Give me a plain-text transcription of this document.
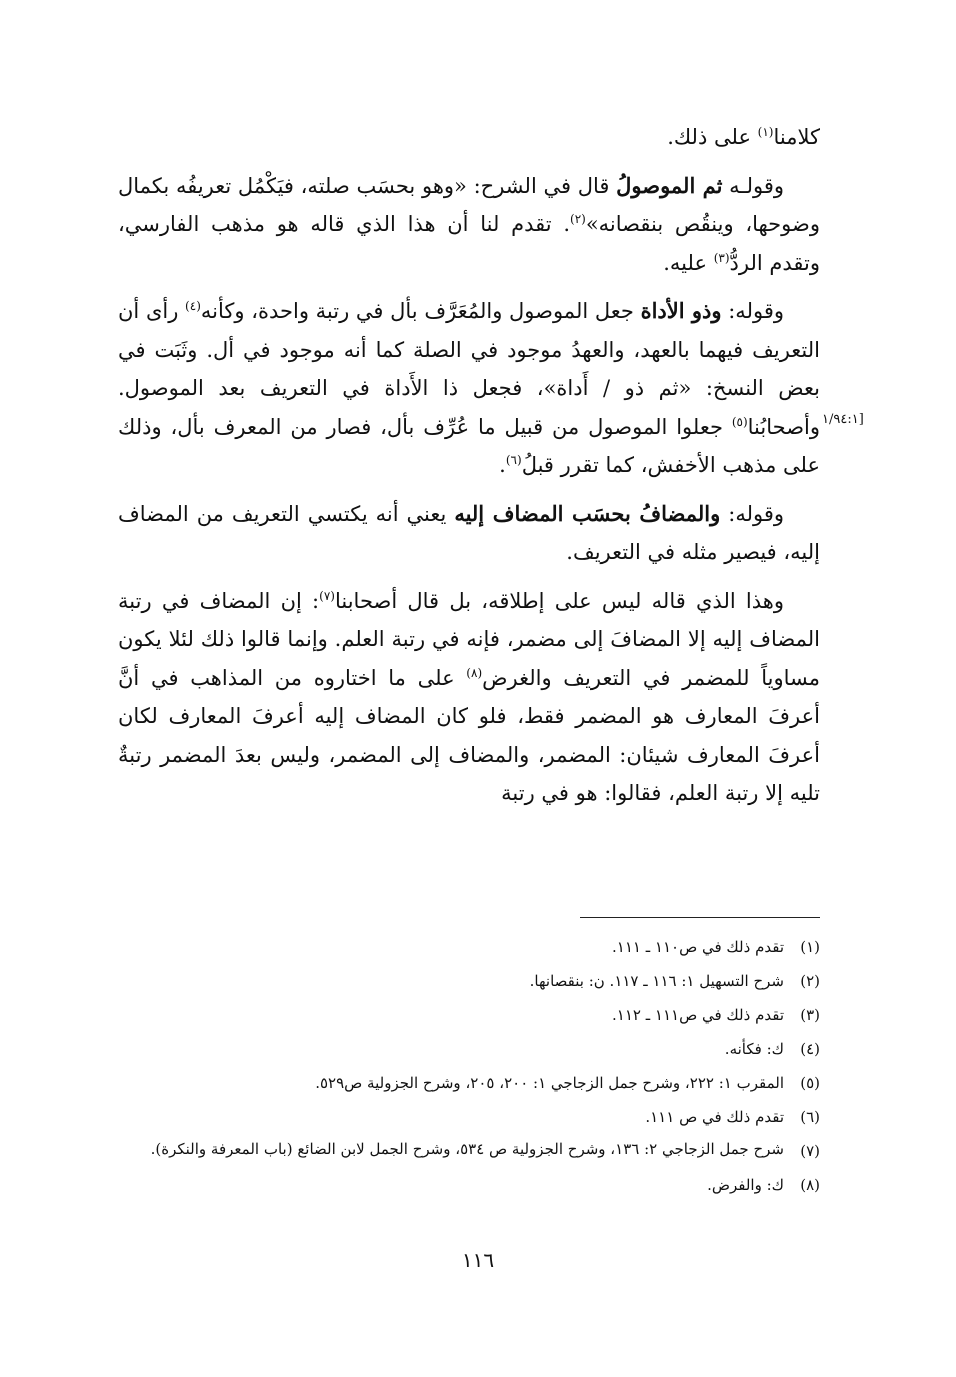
كلامنا$^{(١)}$ على ذلك.

وقولـه ثم الموصولُ قال في الشرح: «وهو بحسَب صلته، فيَكْمُل تعريفُه بكمال وضوحها، وينقُص بنقصانه»$^{(٢)}$. تقدم لنا أن هذا الذي قاله هو مذهب الفارسي، وتقدم الردُّ$^{(٣)}$ عليه.

وقوله: وذو الأداة جعل الموصول والمُعَرَّف بأل في رتبة واحدة، وكأنه$^{(٤)}$ رأى أن التعريف فيهما بالعهد، والعهدُ موجود في الصلة كما أنه موجود في أل. وثَبَت في بعض النسخ: «ثم ذو / أَداة»، فجعل ذا الأَداة في التعريف بعد الموصول. وأصحابُنا$^{(٥)}$ جعلوا الموصول من قبيل ما عُرِّف بأل، فصار من المعرف بأل، وذلك على مذهب الأخفش، كما تقرر قبلُ$^{(٦)}$.

وقوله: والمضافُ بحسَب المضاف إليه يعني أنه يكتسي التعريف من المضاف إليه، فيصير مثله في التعريف.

وهذا الذي قاله ليس على إطلاقه، بل قال أصحابنا$^{(٧)}$: إن المضاف في رتبة المضاف إليه إلا المضافَ إلى مضمر، فإنه في رتبة العلم. وإنما قالوا ذلك لئلا يكون مساوياً للمضمر في التعريف والغرض$^{(٨)}$ على ما اختاروه من المذاهب في أنَّ أعرفَ المعارف هو المضمر فقط، فلو كان المضاف إليه أعرفَ المعارف لكان أعرفَ المعارف شيئان: المضمر، والمضاف إلى المضمر، وليس بعدَ المضمر رتبةٌ تليه إلا رتبة العلم، فقالوا: هو في رتبة

[١/٩٤:١
(١)
تقدم ذلك في ص١١٠ ـ ١١١.
(٢)
شرح التسهيل ١: ١١٦ ـ ١١٧. ن: بنقصانها.
(٣)
تقدم ذلك في ص١١١ ـ ١١٢.
(٤)
ك: فكأنه.
(٥)
المقرب ١: ٢٢٢، وشرح جمل الزجاجي ١: ٢٠٠، ٢٠٥، وشرح الجزولية ص٥٢٩.
(٦)
تقدم ذلك في ص ١١١.
(٧)
شرح جمل الزجاجي ٢: ١٣٦، وشرح الجزولية ص ٥٣٤، وشرح الجمل لابن الضائع (باب المعرفة والنكرة).
(٨)
ك: والفرض.
١١٦
